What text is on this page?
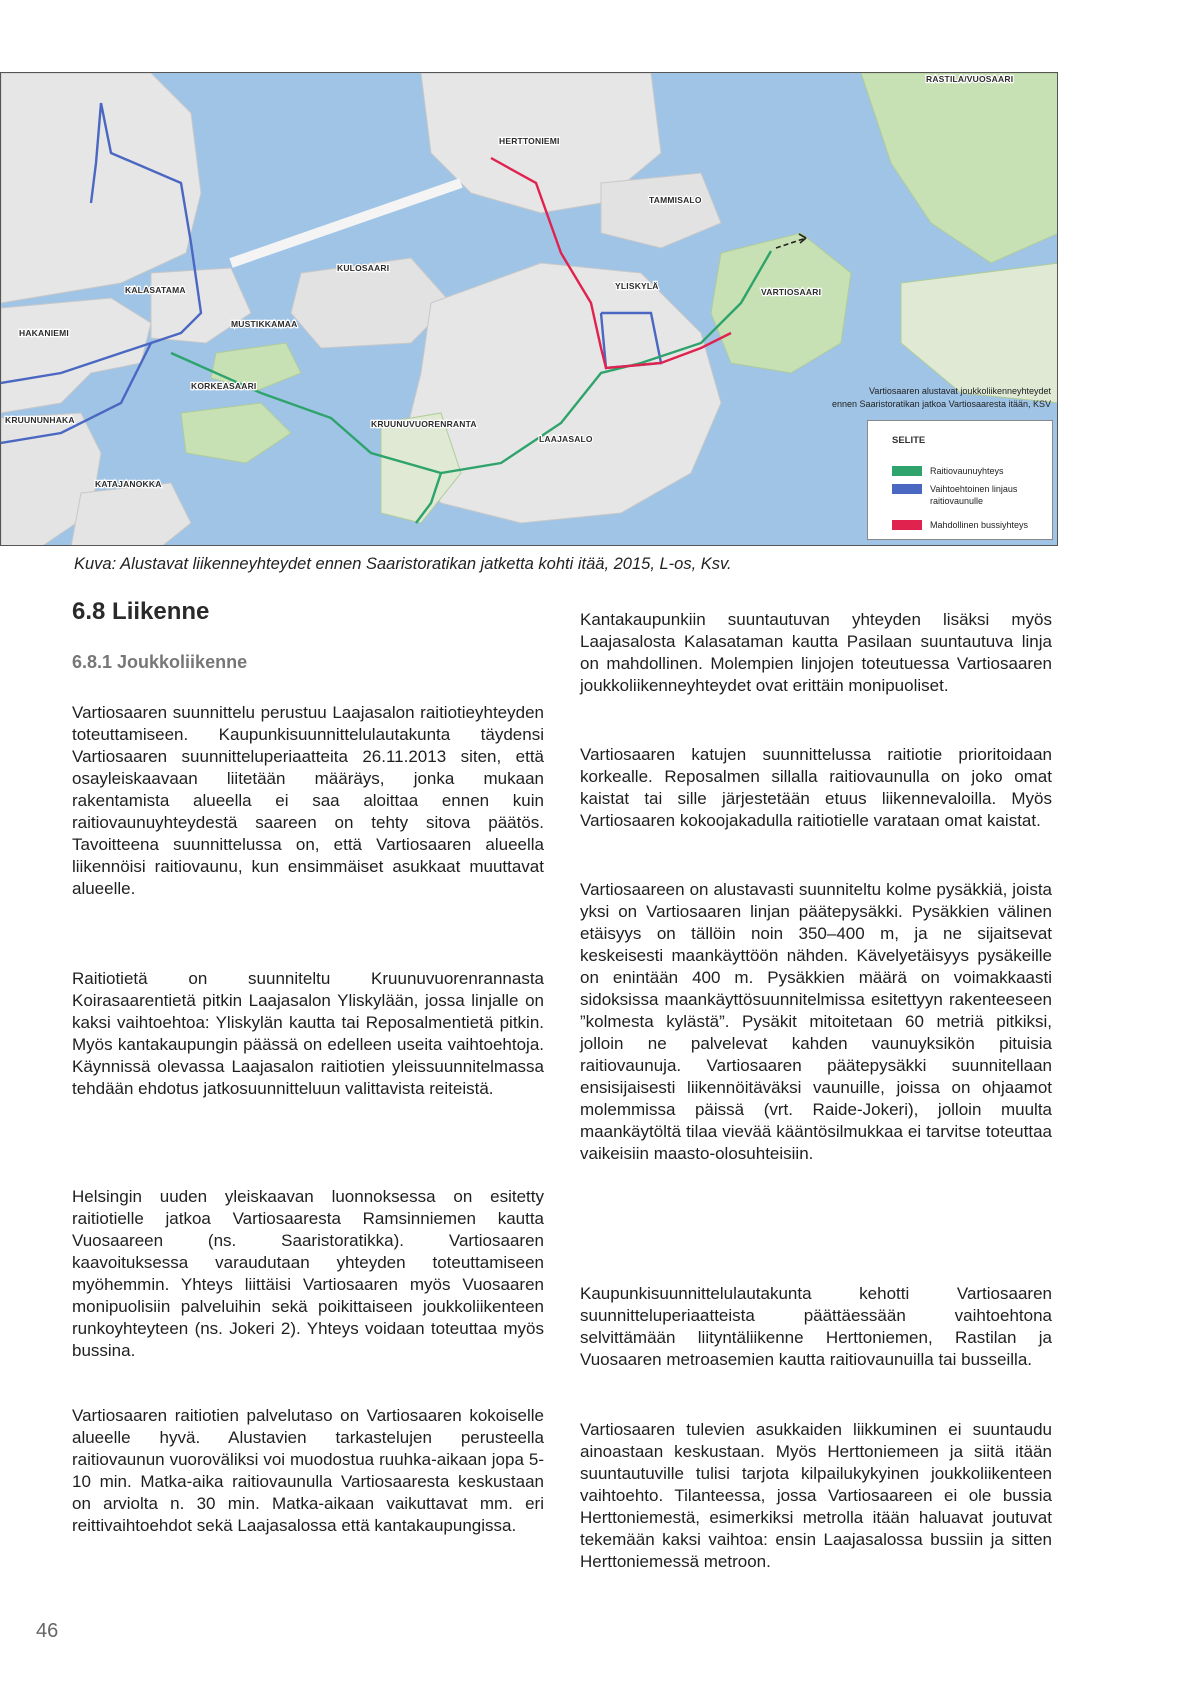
RASTILA/VUOSAARI
HERTTONIEMI
TAMMISALO
KULOSAARI
YLISKYLÄ
VARTIOSAARI
KALASATAMA
MUSTIKKAMAA
HAKANIEMI
KORKEASAARI
KRUUNUNHAKA	KRUUNUVUORENRANTA
LAAJASALO
KATAJANOKKA
Vartiosaaren alustavat joukkoliikenneyhteydet
ennen Saaristoratikan jatkoa Vartiosaaresta itään, KSV
SELITE
Raitiovaunuyhteys
Vaihtoehtoinen linjaus raitiovaunulle
Mahdollinen bussiyhteys
Kuva: Alustavat liikenneyhteydet ennen Saaristoratikan jatketta kohti itää, 2015, L-os, Ksv.
6.8 Liikenne
6.8.1 Joukkoliikenne

Vartiosaaren suunnittelu perustuu Laajasalon raitiotieyhteyden toteuttamiseen. Kaupunkisuunnittelulautakunta täydensi Vartiosaaren suunnitteluperiaatteita 26.11.2013 siten, että osayleiskaavaan liitetään määräys, jonka mukaan rakentamista alueella ei saa aloittaa ennen kuin raitiovaunuyhteydestä saareen on tehty sitova päätös. Tavoitteena suunnittelussa on, että Vartiosaaren alueella liikennöisi raitiovaunu, kun ensimmäiset asukkaat muuttavat alueelle.

Raitiotietä on suunniteltu Kruunuvuorenrannasta Koirasaarentietä pitkin Laajasalon Yliskylään, jossa linjalle on kaksi vaihtoehtoa: Yliskylän kautta tai Reposalmentietä pitkin. Myös kantakaupungin päässä on edelleen useita vaihtoehtoja. Käynnissä olevassa Laajasalon raitiotien yleissuunnitelmassa tehdään ehdotus jatkosuunnitteluun valittavista reiteistä.

Helsingin uuden yleiskaavan luonnoksessa on esitetty raitiotielle jatkoa Vartiosaaresta Ramsinniemen kautta Vuosaareen (ns. Saaristoratikka). Vartiosaaren kaavoituksessa varaudutaan yhteyden toteuttamiseen myöhemmin. Yhteys liittäisi Vartiosaaren myös Vuosaaren monipuolisiin palveluihin sekä poikittaiseen joukkoliikenteen runkoyhteyteen (ns. Jokeri 2). Yhteys voidaan toteuttaa myös bussina.

Vartiosaaren raitiotien palvelutaso on Vartiosaaren kokoiselle alueelle hyvä. Alustavien tarkastelujen perusteella raitiovaunun vuoroväliksi voi muodostua ruuhka-aikaan jopa 5-10 min. Matka-aika raitiovaunulla Vartiosaaresta keskustaan on arviolta n. 30 min. Matka-aikaan vaikuttavat mm. eri reittivaihtoehdot sekä Laajasalossa että kantakaupungissa.

Kantakaupunkiin suuntautuvan yhteyden lisäksi myös Laajasalosta Kalasataman kautta Pasilaan suuntautuva linja on mahdollinen. Molempien linjojen toteutuessa Vartiosaaren joukkoliikenneyhteydet ovat erittäin monipuoliset.

Vartiosaaren katujen suunnittelussa raitiotie prioritoidaan korkealle. Reposalmen sillalla raitiovaunulla on joko omat kaistat tai sille järjestetään etuus liikennevaloilla. Myös Vartiosaaren kokoojakadulla raitiotielle varataan omat kaistat.

Vartiosaareen on alustavasti suunniteltu kolme pysäkkiä, joista yksi on Vartiosaaren linjan päätepysäkki. Pysäkkien välinen etäisyys on tällöin noin 350–400 m, ja ne sijaitsevat keskeisesti maankäyttöön nähden. Kävelyetäisyys pysäkeille on enintään 400 m. Pysäkkien määrä on voimakkaasti sidoksissa maankäyttösuunnitelmissa esitettyyn rakenteeseen ”kolmesta kylästä”. Pysäkit mitoitetaan 60 metriä pitkiksi, jolloin ne palvelevat kahden vaunuyksikön pituisia raitiovaunuja. Vartiosaaren päätepysäkki suunnitellaan ensisijaisesti liikennöitäväksi vaunuille, joissa on ohjaamot molemmissa päissä (vrt. Raide-Jokeri), jolloin muulta maankäytöltä tilaa vievää kääntösilmukkaa ei tarvitse toteuttaa vaikeisiin maasto-olosuhteisiin.

Kaupunkisuunnittelulautakunta kehotti Vartiosaaren suunnitteluperiaatteista päättäessään vaihtoehtona selvittämään liityntäliikenne Herttoniemen, Rastilan ja Vuosaaren metroasemien kautta raitiovaunuilla tai busseilla.

Vartiosaaren tulevien asukkaiden liikkuminen ei suuntaudu ainoastaan keskustaan. Myös Herttoniemeen ja siitä itään suuntautuville tulisi tarjota kilpailukykyinen joukkoliikenteen vaihtoehto. Tilanteessa, jossa Vartiosaareen ei ole bussia Herttoniemestä, esimerkiksi metrolla itään haluavat joutuvat tekemään kaksi vaihtoa: ensin Laajasalossa bussiin ja sitten Herttoniemessä metroon.

46
